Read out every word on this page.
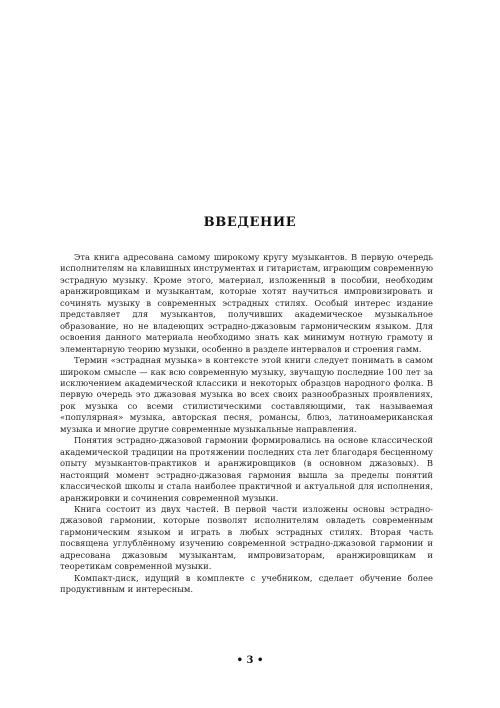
ВВЕДЕНИЕ

Эта книга адресована самому широкому кругу музыкантов. В первую очередь исполнителям на клавишных инструментах и гитаристам, играющим современную эстрадную музыку. Кроме этого, материал, изложенный в пособии, необходим аранжировщикам и музыкантам, которые хотят научиться импровизировать и сочинять музыку в современных эстрадных стилях. Особый интерес издание представляет для музыкантов, получивших академическое музыкальное образование, но не владеющих эстрадно-джазовым гармоническим языком. Для освоения данного материала необходимо знать как минимум нотную грамоту и элементарную теорию музыки, особенно в разделе интервалов и строения гамм.

Термин «эстрадная музыка» в контексте этой книги следует понимать в самом широком смысле — как всю современную музыку, звучащую последние 100 лет за исключением академической классики и некоторых образцов народного фолка. В первую очередь это джазовая музыка во всех своих разнообразных проявлениях, рок музыка со всеми стилистическими составляющими, так называемая «популярная» музыка, авторская песня, романсы, блюз, латиноамериканская музыка и многие другие современные музыкальные направления.

Понятия эстрадно-джазовой гармонии формировались на основе классической академической традиции на протяжении последних ста лет благодаря бесценному опыту музыкантов-практиков и аранжировщиков (в основном джазовых). В настоящий момент эстрадно-джазовая гармония вышла за пределы понятий классической школы и стала наиболее практичной и актуальной для исполнения, аранжировки и сочинения современной музыки.

Книга состоит из двух частей. В первой части изложены основы эстрадно-джазовой гармонии, которые позволят исполнителям овладеть современным гармоническим языком и играть в любых эстрадных стилях. Вторая часть посвящена углублённому изучению современной эстрадно-джазовой гармонии и адресована джазовым музыкантам, импровизаторам, аранжировщикам и теоретикам современной музыки.

Компакт-диск, идущий в комплекте с учебником, сделает обучение более продуктивным и интересным.

• 3 •
